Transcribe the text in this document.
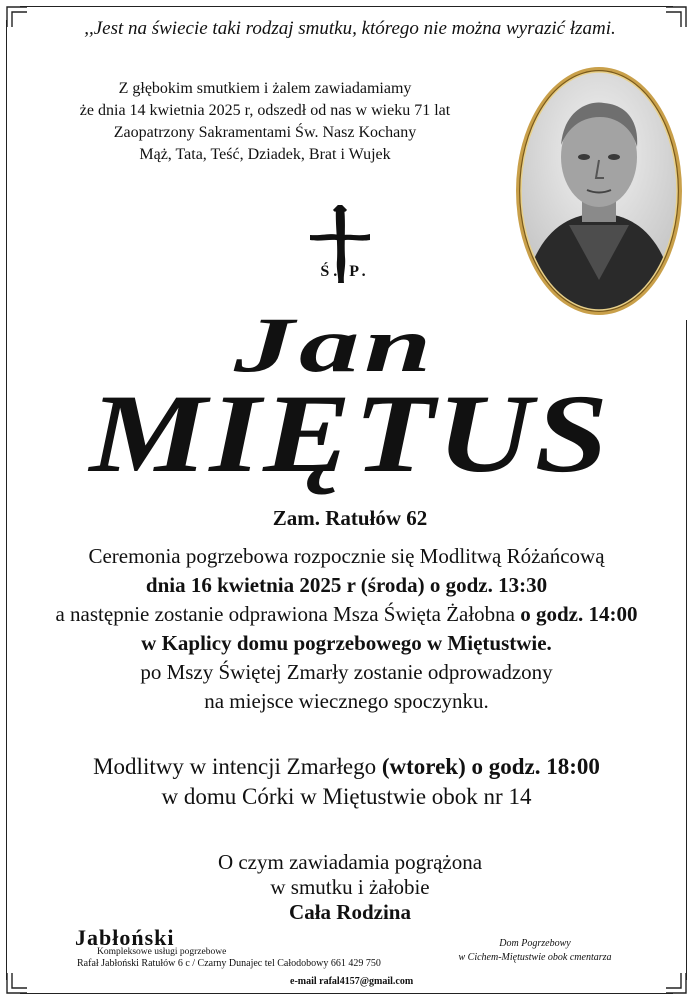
,,Jest na świecie taki rodzaj smutku, którego nie można wyrazić łzami.
Z głębokim smutkiem i żalem zawiadamiamy
że dnia 14 kwietnia 2025 r, odszedł od nas w wieku 71 lat
Zaopatrzony Sakramentami Św. Nasz Kochany
Mąż, Tata, Teść, Dziadek, Brat i Wujek
Ś. P.
Jan
MIĘTUS
Zam. Ratułów 62
Ceremonia pogrzebowa rozpocznie się Modlitwą Różańcową
dnia 16 kwietnia 2025 r (środa) o godz. 13:30
a następnie zostanie odprawiona Msza Święta Żałobna o godz. 14:00
w Kaplicy domu pogrzebowego w Miętustwie.
po Mszy Świętej Zmarły zostanie odprowadzony
na miejsce wiecznego spoczynku.
Modlitwy w intencji Zmarłego (wtorek) o godz. 18:00
w domu Córki w Miętustwie obok nr 14
O czym zawiadamia pogrążona
w smutku i żałobie
Cała Rodzina
Jabłoński
Kompleksowe usługi pogrzebowe
Rafał Jabłoński Ratułów 6 c / Czarny Dunajec tel Całodobowy 661 429 750
e-mail rafal4157@gmail.com
Dom Pogrzebowy
w Cichem-Miętustwie obok cmentarza
